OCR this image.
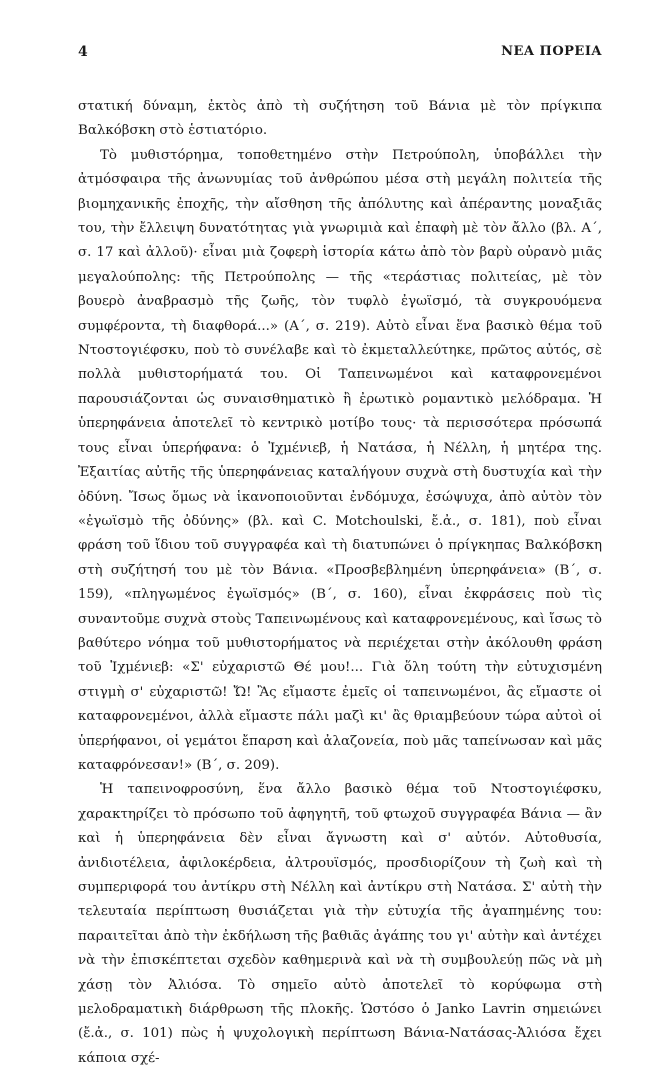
4	ΝΕΑ ΠΟΡΕΙΑ

στατική δύναμη, ἐκτὸς ἀπὸ τὴ συζήτηση τοῦ Βάνια μὲ τὸν πρίγκιπα Βαλκόβσκη στὸ ἑστιατόριο.

Τὸ μυθιστόρημα, τοποθετημένο στὴν Πετρούπολη, ὑποβάλλει τὴν ἀτμόσφαιρα τῆς ἀνωνυμίας τοῦ ἀνθρώπου μέσα στὴ μεγάλη πολιτεία τῆς βιομηχανικῆς ἐποχῆς, τὴν αἴσθηση τῆς ἀπόλυτης καὶ ἀπέραντης μοναξιᾶς του, τὴν ἔλλειψη δυνατότητας γιὰ γνωριμιὰ καὶ ἐπαφὴ μὲ τὸν ἄλλο (βλ. Α΄, σ. 17 καὶ ἀλλοῦ)· εἶναι μιὰ ζοφερὴ ἱστορία κάτω ἀπὸ τὸν βαρὺ οὐρανὸ μιᾶς μεγαλούπολης: τῆς Πετρούπολης — τῆς «τεράστιας πολιτείας, μὲ τὸν βουερὸ ἀναβρασμὸ τῆς ζωῆς, τὸν τυφλὸ ἐγωϊσμό, τὰ συγκρουόμενα συμφέροντα, τὴ διαφθορά...» (Α΄, σ. 219). Αὐτὸ εἶναι ἕνα βασικὸ θέμα τοῦ Ντοστογιέφσκυ, ποὺ τὸ συνέλαβε καὶ τὸ ἐκμεταλλεύτηκε, πρῶτος αὐτός, σὲ πολλὰ μυθιστορήματά του. Οἱ Ταπεινωμένοι καὶ καταφρονεμένοι παρουσιάζονται ὡς συναισθηματικὸ ἢ ἐρωτικὸ ρομαντικὸ μελόδραμα. Ἡ ὑπερηφάνεια ἀποτελεῖ τὸ κεντρικὸ μοτίβο τους· τὰ περισσότερα πρόσωπά τους εἶναι ὑπερήφανα: ὁ Ἰχμένιεβ, ἡ Νατάσα, ἡ Νέλλη, ἡ μητέρα της. Ἐξαιτίας αὐτῆς τῆς ὑπερηφάνειας καταλήγουν συχνὰ στὴ δυστυχία καὶ τὴν ὀδύνη. Ἴσως ὅμως νὰ ἱκανοποιοῦνται ἐνδόμυχα, ἐσώψυχα, ἀπὸ αὐτὸν τὸν «ἐγωϊσμὸ τῆς ὀδύνης» (βλ. καὶ C. Motchoulski, ἔ.ἀ., σ. 181), ποὺ εἶναι φράση τοῦ ἴδιου τοῦ συγγραφέα καὶ τὴ διατυπώνει ὁ πρίγκηπας Βαλκόβσκη στὴ συζήτησή του μὲ τὸν Βάνια. «Προσβεβλημένη ὑπερηφάνεια» (Β΄, σ. 159), «πληγωμένος ἐγωϊσμός» (Β΄, σ. 160), εἶναι ἐκφράσεις ποὺ τὶς συναντοῦμε συχνὰ στοὺς Ταπεινωμένους καὶ καταφρονεμένους, καὶ ἴσως τὸ βαθύτερο νόημα τοῦ μυθιστορήματος νὰ περιέχεται στὴν ἀκόλουθη φράση τοῦ Ἰχμένιεβ: «Σ' εὐχαριστῶ Θέ μου!... Γιὰ ὅλη τούτη τὴν εὐτυχισμένη στιγμὴ σ' εὐχαριστῶ! Ὤ! Ἂς εἴμαστε ἐμεῖς οἱ ταπεινωμένοι, ἂς εἴμαστε οἱ καταφρονεμένοι, ἀλλὰ εἴμαστε πάλι μαζὶ κι' ἂς θριαμβεύουν τώρα αὐτοὶ οἱ ὑπερήφανοι, οἱ γεμάτοι ἔπαρση καὶ ἀλαζονεία, ποὺ μᾶς ταπείνωσαν καὶ μᾶς καταφρόνεσαν!» (Β΄, σ. 209).

Ἡ ταπεινοφροσύνη, ἕνα ἄλλο βασικὸ θέμα τοῦ Ντοστογιέφσκυ, χαρακτηρίζει τὸ πρόσωπο τοῦ ἀφηγητῆ, τοῦ φτωχοῦ συγγραφέα Βάνια — ἂν καὶ ἡ ὑπερηφάνεια δὲν εἶναι ἄγνωστη καὶ σ' αὐτόν. Αὐτοθυσία, ἀνιδιοτέλεια, ἀφιλοκέρδεια, ἀλτρουϊσμός, προσδιορίζουν τὴ ζωὴ καὶ τὴ συμπεριφορά του ἀντίκρυ στὴ Νέλλη καὶ ἀντίκρυ στὴ Νατάσα. Σ' αὐτὴ τὴν τελευταία περίπτωση θυσιάζεται γιὰ τὴν εὐτυχία τῆς ἀγαπημένης του: παραιτεῖται ἀπὸ τὴν ἐκδήλωση τῆς βαθιᾶς ἀγάπης του γι' αὐτὴν καὶ ἀντέχει νὰ τὴν ἐπισκέπτεται σχεδὸν καθημερινὰ καὶ νὰ τὴ συμβουλεύῃ πῶς νὰ μὴ χάσῃ τὸν Ἀλιόσα. Τὸ σημεῖο αὐτὸ ἀποτελεῖ τὸ κορύφωμα στὴ μελοδραματικὴ διάρθρωση τῆς πλοκῆς. Ὡστόσο ὁ Janko Lavrin σημειώνει (ἔ.ἀ., σ. 101) πὼς ἡ ψυχολογικὴ περίπτωση Βάνια-Νατάσας-Ἀλιόσα ἔχει κάποια σχέ-
